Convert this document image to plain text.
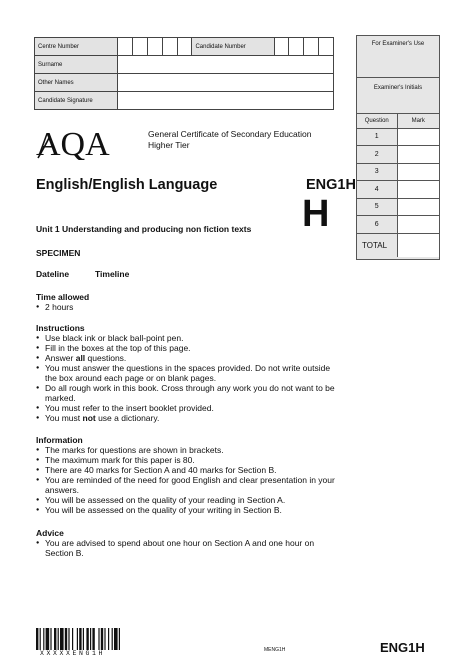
Centre Number						Candidate Number				
Surname										
Other Names										
Candidate Signature										
For Examiner's Use
Examiner's Initials
Question	Mark
1	
2	
3	
4	
5	
6	
TOTAL	
AQA	General Certificate of Secondary Education
Higher Tier
English/English Language	ENG1H
H
Unit 1 Understanding and producing non fiction texts
SPECIMEN
Dateline	Timeline
Time allowed
● 2 hours
Instructions
● Use black ink or black ball-point pen.
● Fill in the boxes at the top of this page.
● Answer all questions.
● You must answer the questions in the spaces provided. Do not write outside the box around each page or on blank pages.
● Do all rough work in this book. Cross through any work you do not want to be marked.
● You must refer to the insert booklet provided.
● You must not use a dictionary.
Information
● The marks for questions are shown in brackets.
● The maximum mark for this paper is 80.
● There are 40 marks for Section A and 40 marks for Section B.
● You are reminded of the need for good English and clear presentation in your answers.
● You will be assessed on the quality of your reading in Section A.
● You will be assessed on the quality of your writing in Section B.
Advice
● You are advised to spend about one hour on Section A and one hour on Section B.
XXXXXENG1H	MENG1H	ENG1H
